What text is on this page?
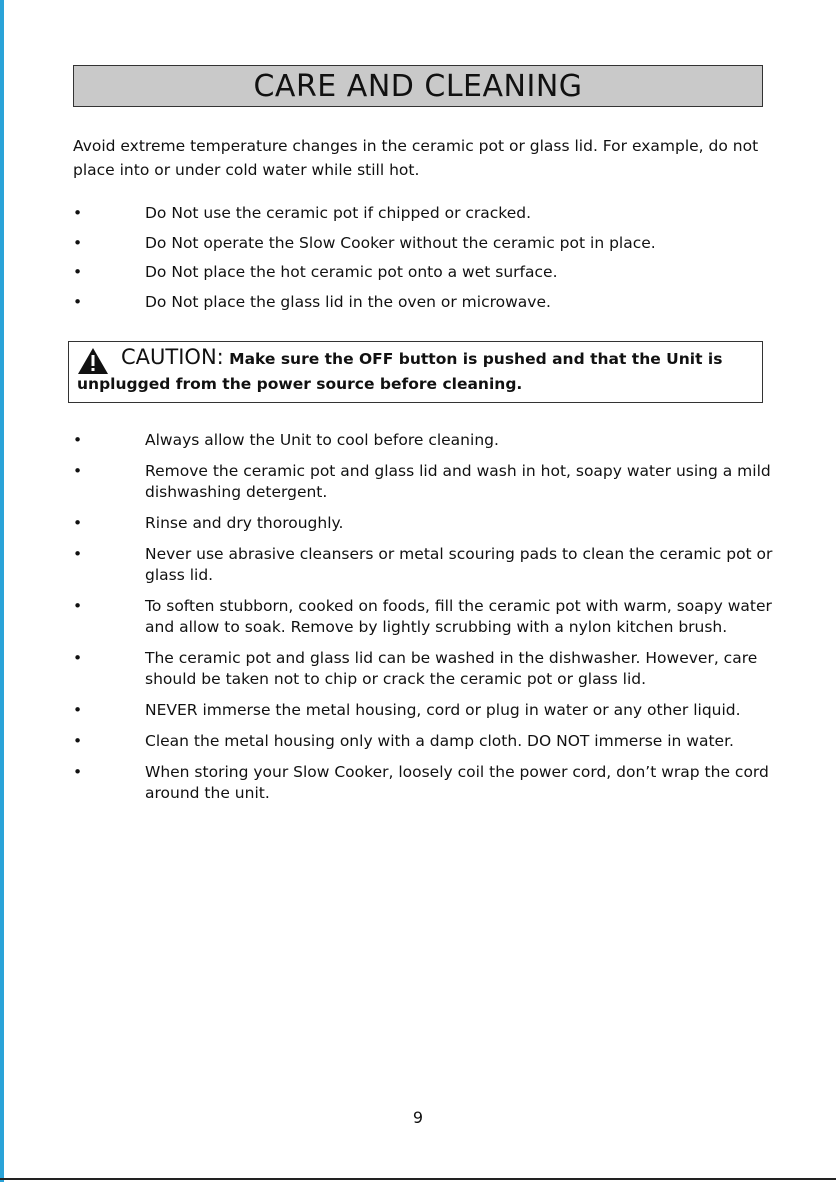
CARE AND CLEANING

Avoid extreme temperature changes in the ceramic pot or glass lid. For example, do not place into or under cold water while still hot.

•	Do Not use the ceramic pot if chipped or cracked.
•	Do Not operate the Slow Cooker without the ceramic pot in place.
•	Do Not place the hot ceramic pot onto a wet surface.
•	Do Not place the glass lid in the oven or microwave.

CAUTION: Make sure the OFF button is pushed and that the Unit is

unplugged from the power source before cleaning.

•	Always allow the Unit to cool before cleaning.
•	Remove the ceramic pot and glass lid and wash in hot, soapy water using a mild dishwashing detergent.
•	Rinse and dry thoroughly.
•	Never use abrasive cleansers or metal scouring pads to clean the ceramic pot or glass lid.
•	To soften stubborn, cooked on foods, fill the ceramic pot with warm, soapy water and allow to soak. Remove by lightly scrubbing with a nylon kitchen brush.
•	The ceramic pot and glass lid can be washed in the dishwasher. However, care should be taken not to chip or crack the ceramic pot or glass lid.
•	NEVER immerse the metal housing, cord or plug in water or any other liquid.
•	Clean the metal housing only with a damp cloth. DO NOT immerse in water.
•	When storing your Slow Cooker, loosely coil the power cord, don’t wrap the cord around the unit.
9
